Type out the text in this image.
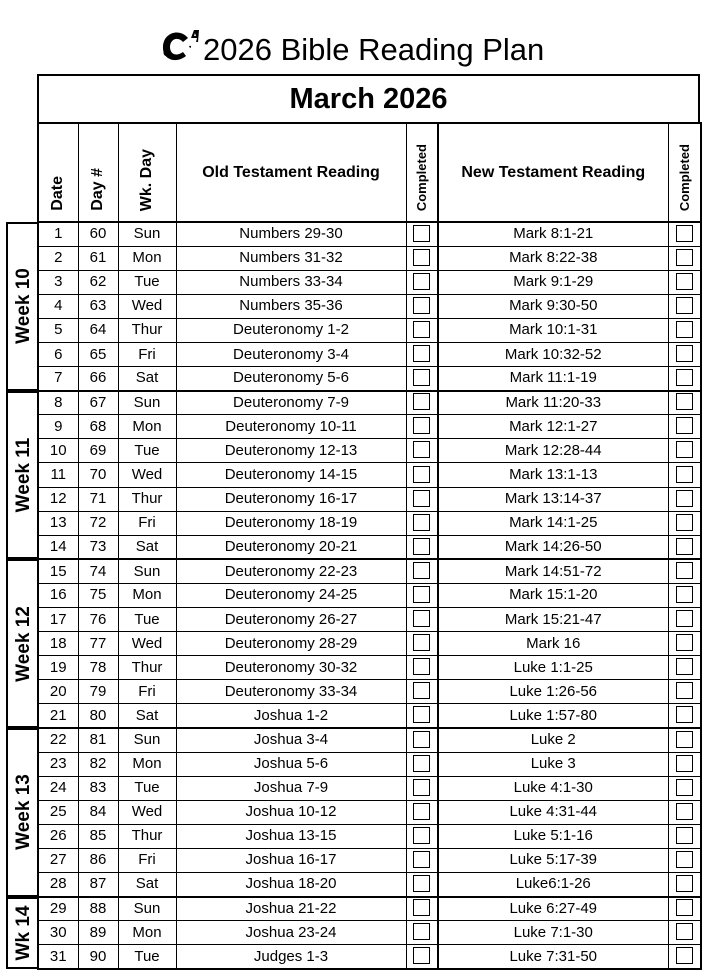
2026 Bible Reading Plan
March 2026
Date	Day #	Wk. Day	Old Testament Reading	Completed	New Testament Reading	Completed
1	60	Sun	Numbers 29-30		Mark 8:1-21	
2	61	Mon	Numbers 31-32		Mark 8:22-38	
3	62	Tue	Numbers 33-34		Mark 9:1-29	
4	63	Wed	Numbers 35-36		Mark 9:30-50	
5	64	Thur	Deuteronomy 1-2		Mark 10:1-31	
6	65	Fri	Deuteronomy 3-4		Mark 10:32-52	
7	66	Sat	Deuteronomy 5-6		Mark 11:1-19	
8	67	Sun	Deuteronomy 7-9		Mark 11:20-33	
9	68	Mon	Deuteronomy 10-11		Mark 12:1-27	
10	69	Tue	Deuteronomy 12-13		Mark 12:28-44	
11	70	Wed	Deuteronomy 14-15		Mark 13:1-13	
12	71	Thur	Deuteronomy 16-17		Mark 13:14-37	
13	72	Fri	Deuteronomy 18-19		Mark 14:1-25	
14	73	Sat	Deuteronomy 20-21		Mark 14:26-50	
15	74	Sun	Deuteronomy 22-23		Mark 14:51-72	
16	75	Mon	Deuteronomy 24-25		Mark 15:1-20	
17	76	Tue	Deuteronomy 26-27		Mark 15:21-47	
18	77	Wed	Deuteronomy 28-29		Mark 16	
19	78	Thur	Deuteronomy 30-32		Luke 1:1-25	
20	79	Fri	Deuteronomy 33-34		Luke 1:26-56	
21	80	Sat	Joshua 1-2		Luke 1:57-80	
22	81	Sun	Joshua 3-4		Luke 2	
23	82	Mon	Joshua 5-6		Luke 3	
24	83	Tue	Joshua 7-9		Luke 4:1-30	
25	84	Wed	Joshua 10-12		Luke 4:31-44	
26	85	Thur	Joshua 13-15		Luke 5:1-16	
27	86	Fri	Joshua 16-17		Luke 5:17-39	
28	87	Sat	Joshua 18-20		Luke6:1-26	
29	88	Sun	Joshua 21-22		Luke 6:27-49	
30	89	Mon	Joshua 23-24		Luke 7:1-30	
31	90	Tue	Judges 1-3		Luke 7:31-50	
Week 10
Week 11
Week 12
Week 13
Wk 14
